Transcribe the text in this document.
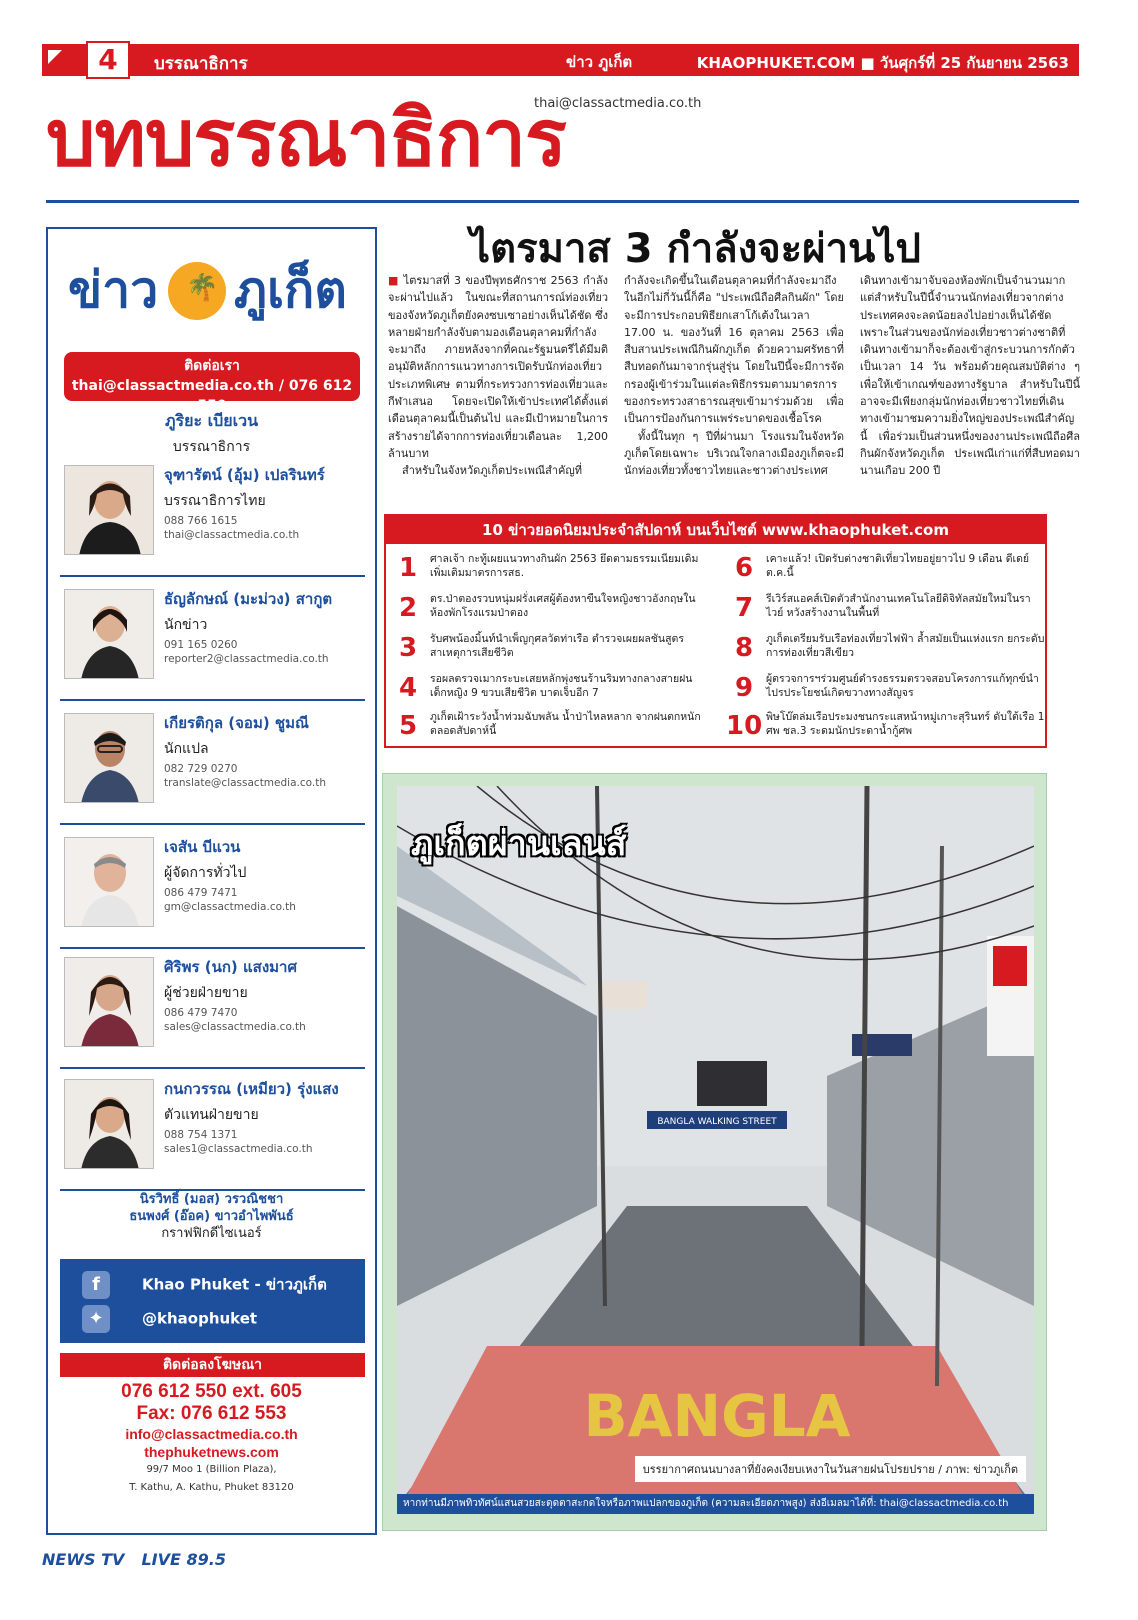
4	บรรณาธิการ	ข่าว ภูเก็ต	KHAOPHUKET.COM ■ วันศุกร์ที่ 25 กันยายน 2563
thai@classactmedia.co.th
บทบรรณาธิการ
ข่าว 🌴 ภูเก็ต
ติดต่อเรา
thai@classactmedia.co.th / 076 612 550
ภูริยะ เบียเวน
บรรณาธิการ
จุฑารัตน์ (อุ้ม) เปลรินทร์
บรรณาธิการไทย
088 766 1615
thai@classactmedia.co.th
ธัญลักษณ์ (มะม่วง) สากูต
นักข่าว
091 165 0260
reporter2@classactmedia.co.th
เกียรติกุล (จอม) ชูมณี
นักแปล
082 729 0270
translate@classactmedia.co.th
เจสัน บีแวน
ผู้จัดการทั่วไป
086 479 7471
gm@classactmedia.co.th
ศิริพร (นก) แสงมาศ
ผู้ช่วยฝ่ายขาย
086 479 7470
sales@classactmedia.co.th
กนกวรรณ (เหมียว) รุ่งแสง
ตัวแทนฝ่ายขาย
088 754 1371
sales1@classactmedia.co.th
นิรวิทธิ์ (มอส) วรวณิชชา
ธนพงศ์ (อ๊อค) ขาวอำไพพันธ์
กราฟฟิกดีไซเนอร์
f	Khao Phuket - ข่าวภูเก็ต
✦	@khaophuket
ติดต่อลงโฆษณา
076 612 550 ext. 605
Fax: 076 612 553
info@classactmedia.co.th
thephuketnews.com
99/7 Moo 1 (Billion Plaza),
T. Kathu, A. Kathu, Phuket 83120
ไตรมาส 3 กำลังจะผ่านไป
■ ไตรมาสที่ 3 ของปีพุทธศักราช 2563 กำลังจะผ่านไปแล้ว ในขณะที่สถานการณ์ท่องเที่ยวของจังหวัดภูเก็ตยังคงซบเซาอย่างเห็นได้ชัด ซึ่งหลายฝ่ายกำลังจับตามองเดือนตุลาคมที่กำลังจะมาถึง ภายหลังจากที่คณะรัฐมนตรีได้มีมติอนุมัติหลักการแนวทางการเปิดรับนักท่องเที่ยวประเภทพิเศษ ตามที่กระทรวงการท่องเที่ยวและกีฬาเสนอ โดยจะเปิดให้เข้าประเทศได้ตั้งแต่เดือนตุลาคมนี้เป็นต้นไป และมีเป้าหมายในการสร้างรายได้จากการท่องเที่ยวเดือนละ 1,200 ล้านบาท
สำหรับในจังหวัดภูเก็ตประเพณีสำคัญที่
กำลังจะเกิดขึ้นในเดือนตุลาคมที่กำลังจะมาถึงในอีกไม่กี่วันนี้ก็คือ "ประเพณีถือศีลกินผัก" โดยจะมีการประกอบพิธียกเสาโก้เต้งในเวลา 17.00 น. ของวันที่ 16 ตุลาคม 2563 เพื่อสืบสานประเพณีกินผักภูเก็ต ด้วยความศรัทธาที่สืบทอดกันมาจากรุ่นสู่รุ่น โดยในปีนี้จะมีการจัดกรองผู้เข้าร่วมในแต่ละพิธีกรรมตามมาตรการของกระทรวงสาธารณสุขเข้ามาร่วมด้วย เพื่อเป็นการป้องกันการแพร่ระบาดของเชื้อโรค
ทั้งนี้ในทุก ๆ ปีที่ผ่านมา โรงแรมในจังหวัดภูเก็ตโดยเฉพาะ บริเวณใจกลางเมืองภูเก็ตจะมีนักท่องเที่ยวทั้งชาวไทยและชาวต่างประเทศ
เดินทางเข้ามาจับจองห้องพักเป็นจำนวนมาก แต่สำหรับในปีนี้จำนวนนักท่องเที่ยวจากต่างประเทศคงจะลดน้อยลงไปอย่างเห็นได้ชัด เพราะในส่วนของนักท่องเที่ยวชาวต่างชาติที่เดินทางเข้ามาก็จะต้องเข้าสู่กระบวนการกักตัวเป็นเวลา 14 วัน พร้อมด้วยคุณสมบัติต่าง ๆ เพื่อให้เข้าเกณฑ์ของทางรัฐบาล สำหรับในปีนี้อาจจะมีเพียงกลุ่มนักท่องเที่ยวชาวไทยที่เดินทางเข้ามาชมความยิ่งใหญ่ของประเพณีสำคัญนี้ เพื่อร่วมเป็นส่วนหนึ่งของงานประเพณีถือศีลกินผักจังหวัดภูเก็ต ประเพณีเก่าแก่ที่สืบทอดมานานเกือบ 200 ปี
10 ข่าวยอดนิยมประจำสัปดาห์ บนเว็บไซต์ www.khaophuket.com
1	ศาลเจ้า กะทู้เผยแนวทางกินผัก 2563 ยึดตามธรรมเนียมเดิม เพิ่มเติมมาตรการสธ.
2	ตร.ป่าตองรวบหนุ่มฝรั่งเศสผู้ต้องหาขืนใจหญิงชาวอังกฤษในห้องพักโรงแรมป่าตอง
3	รับศพน้องมิ้นท์นำเพ็ญกุศลวัดท่าเรือ ตำรวจเผยผลชันสูตรสาเหตุการเสียชีวิต
4	รอผลตรวจเมากระบะเสยหลักพุ่งชนร้านริมทางกลางสายฝน เด็กหญิง 9 ขวบเสียชีวิต บาดเจ็บอีก 7
5	ภูเก็ตเฝ้าระวังน้ำท่วมฉับพลัน น้ำป่าไหลหลาก จากฝนตกหนักตลอดสัปดาห์นี้
6	เคาะแล้ว! เปิดรับต่างชาติเที่ยวไทยอยู่ยาวไป 9 เดือน ดีเดย์ ต.ค.นี้
7	รีเวิร์สแอคส์เปิดตัวสำนักงานเทคโนโลยีดิจิทัลสมัยใหม่ในราไวย์ หวังสร้างงานในพื้นที่
8	ภูเก็ตเตรียมรับเรือท่องเที่ยวไฟฟ้า ล้ำสมัยเป็นแห่งแรก ยกระดับการท่องเที่ยวสีเขียว
9	ผู้ตรวจการฯร่วมศูนย์ดำรงธรรมตรวจสอบโครงการแก้ทุกข์นำไปรประโยชน์เกิดขวางทางสัญจร
10 พิษโบ๊ตล่มเรือประมงชนกระแสหน้าหมู่เกาะสุรินทร์ ดับใต้เรือ 1 ศพ ชล.3 ระดมนักประดาน้ำกู้ศพ
BANGLA WALKING STREET
BANGLA
ภูเก็ตผ่านเลนส์
บรรยากาศถนนบางลาที่ยังคงเงียบเหงาในวันสายฝนโปรยปราย / ภาพ: ข่าวภูเก็ต
หากท่านมีภาพทิวทัศน์แสนสวยสะดุดตาสะกดใจหรือภาพแปลกของภูเก็ต (ความละเอียดภาพสูง) ส่งอีเมลมาได้ที่: thai@classactmedia.co.th
NEWS TV LIVE 89.5
